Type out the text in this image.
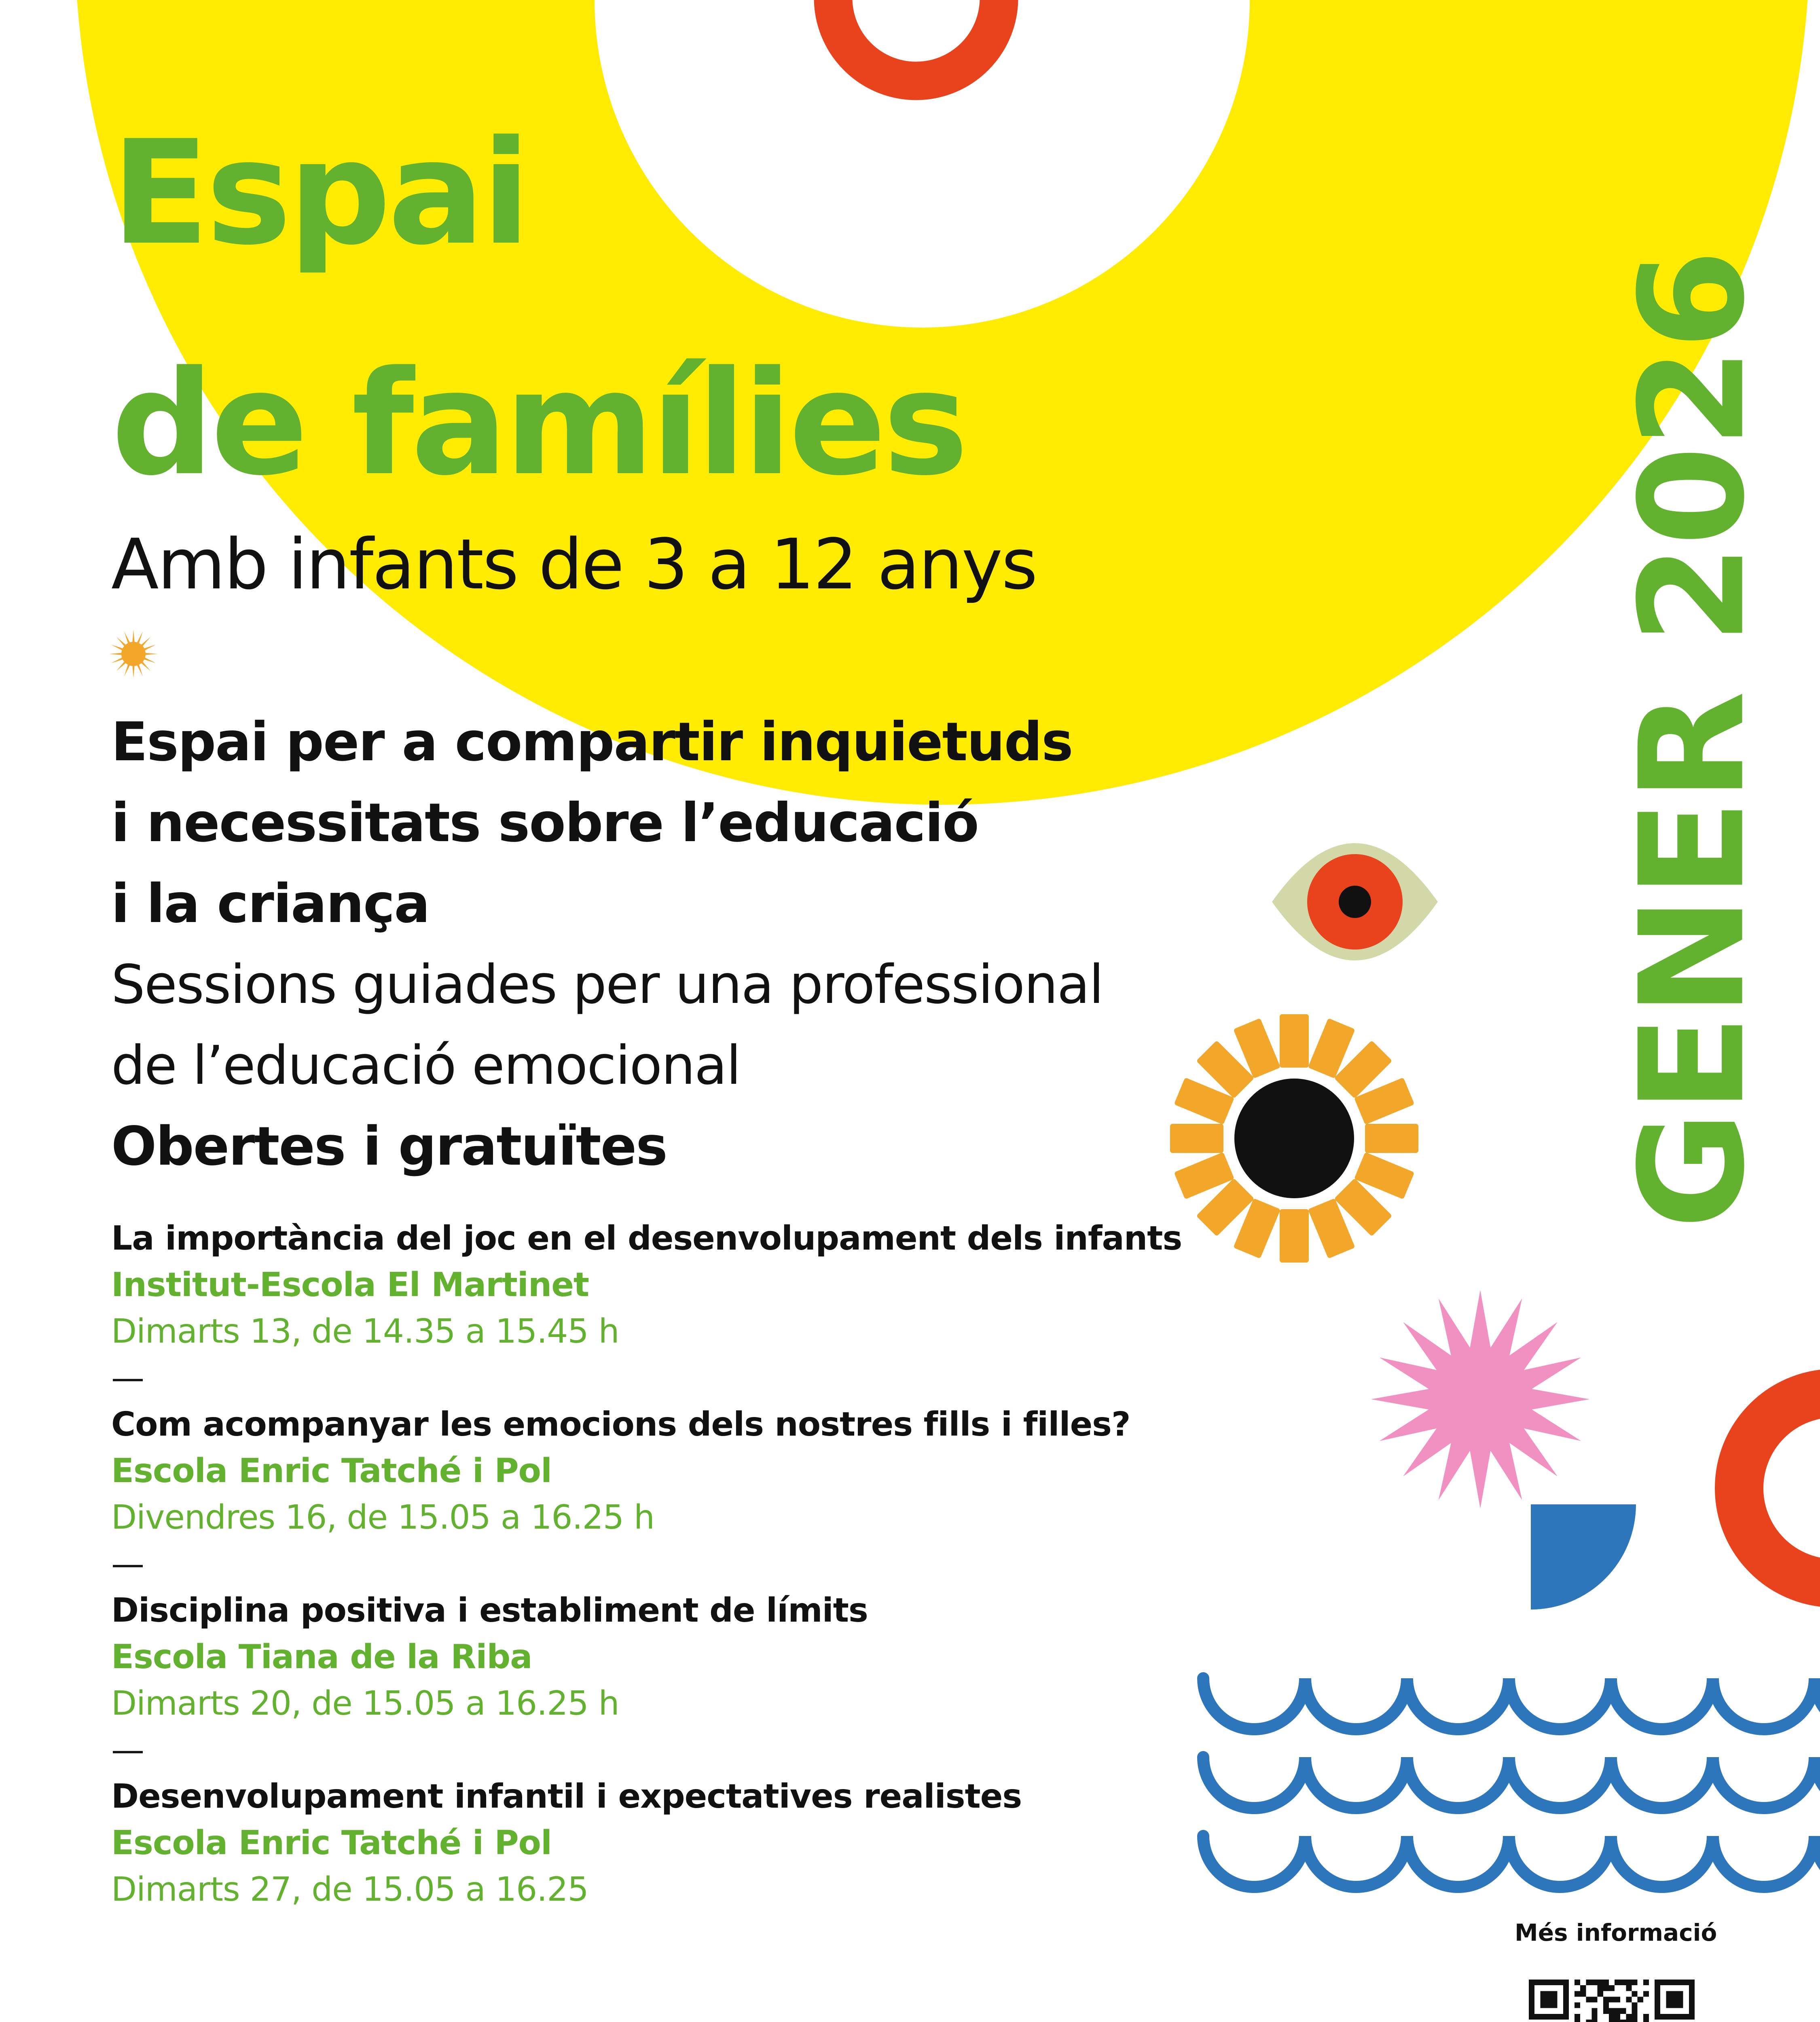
Espai
de famílies
Amb infants de 3 a 12 anys

Espai per a compartir inquietuds

i necessitats sobre l’educació

i la criança

Sessions guiades per una professional

de l’educació emocional

Obertes i gratuïtes

La importància del joc en el desenvolupament dels infants
Institut-Escola El Martinet
Dimarts 13, de 14.35 a 15.45 h
—
Com acompanyar les emocions dels nostres fills i filles?
Escola Enric Tatché i Pol
Divendres 16, de 15.05 a 16.25 h
—
Disciplina positiva i establiment de límits
Escola Tiana de la Riba
Dimarts 20, de 15.05 a 16.25 h
—
Desenvolupament infantil i expectatives realistes
Escola Enric Tatché i Pol
Dimarts 27, de 15.05 a 16.25

GENER 2026

Més informació
